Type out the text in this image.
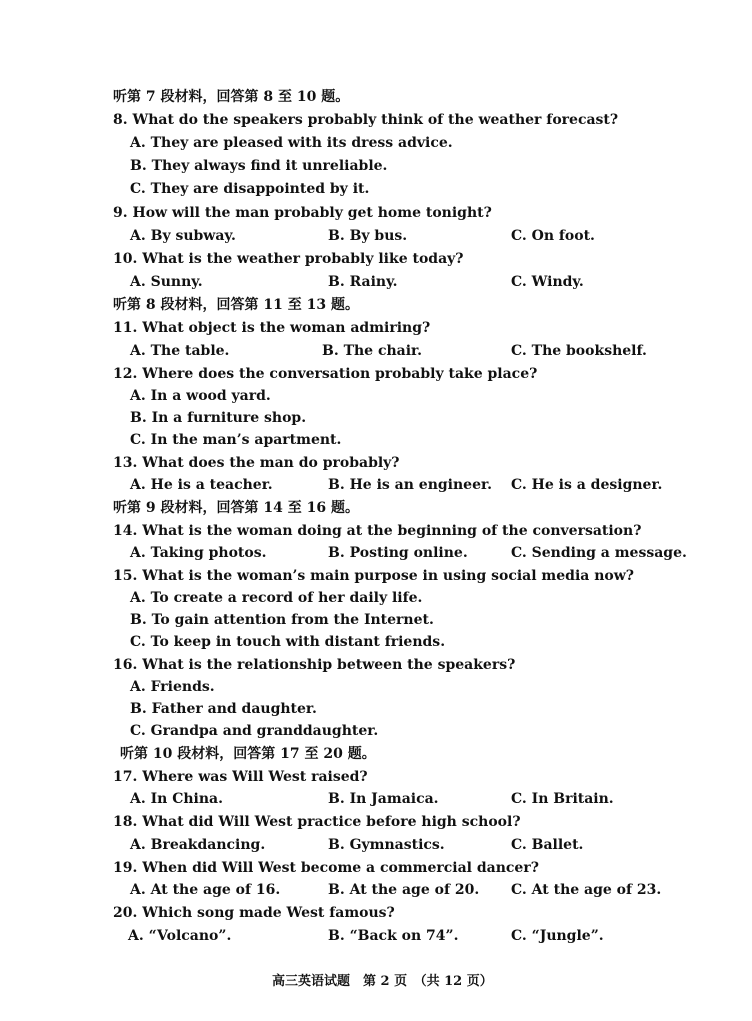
听第 7 段材料，回答第 8 至 10 题。
8. What do the speakers probably think of the weather forecast?
A. They are pleased with its dress advice.
B. They always find it unreliable.
C. They are disappointed by it.
9. How will the man probably get home tonight?
A. By subway.	B. By bus.	C. On foot.
10. What is the weather probably like today?
A. Sunny.	B. Rainy.	C. Windy.
听第 8 段材料，回答第 11 至 13 题。
11. What object is the woman admiring?
A. The table.	B. The chair.	C. The bookshelf.
12. Where does the conversation probably take place?
A. In a wood yard.
B. In a furniture shop.
C. In the man’s apartment.
13. What does the man do probably?
A. He is a teacher.	B. He is an engineer. C. He is a designer.
听第 9 段材料，回答第 14 至 16 题。
14. What is the woman doing at the beginning of the conversation?
A. Taking photos.	B. Posting online.	C. Sending a message.
15. What is the woman’s main purpose in using social media now?
A. To create a record of her daily life.
B. To gain attention from the Internet.
C. To keep in touch with distant friends.
16. What is the relationship between the speakers?
A. Friends.
B. Father and daughter.
C. Grandpa and granddaughter.
听第 10 段材料，回答第 17 至 20 题。
17. Where was Will West raised?
A. In China.	B. In Jamaica.	C. In Britain.
18. What did Will West practice before high school?
A. Breakdancing.	B. Gymnastics.	C. Ballet.
19. When did Will West become a commercial dancer?
A. At the age of 16.	B. At the age of 20. C. At the age of 23.
20. Which song made West famous?
A. “Volcano”.	B. “Back on 74”.	C. “Jungle”.
高三英语试题　第 2 页　（共 12 页）
